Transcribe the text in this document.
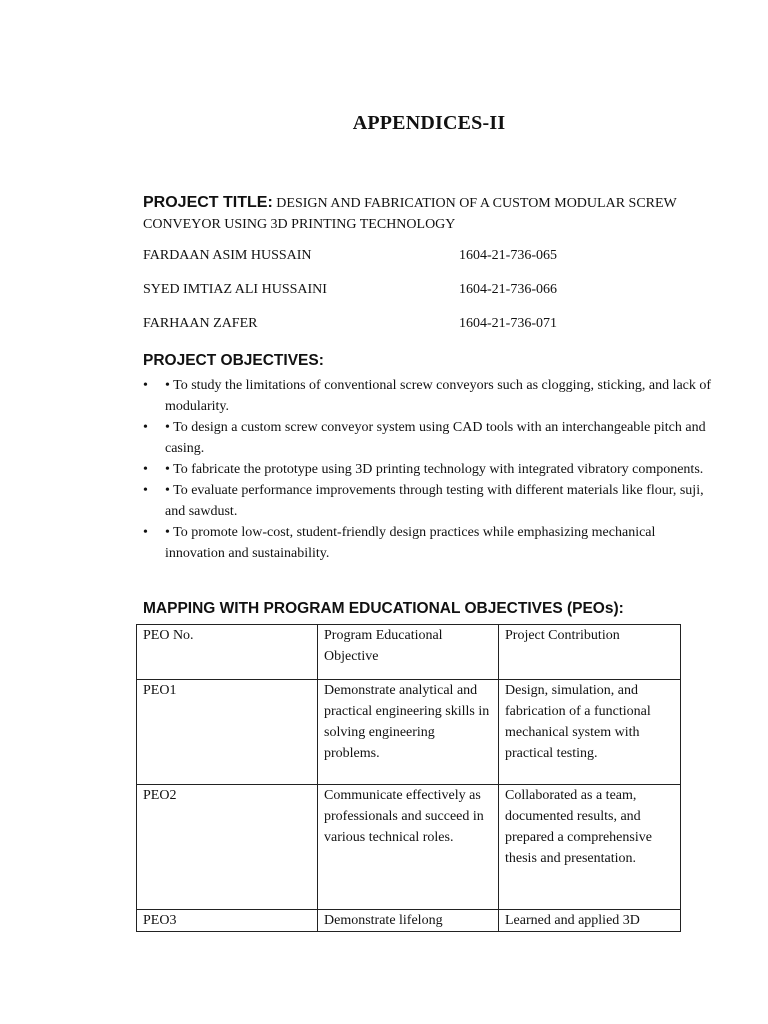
APPENDICES-II
PROJECT TITLE: DESIGN AND FABRICATION OF A CUSTOM MODULAR SCREW CONVEYOR USING 3D PRINTING TECHNOLOGY
FARDAAN ASIM HUSSAIN	1604-21-736-065
SYED IMTIAZ ALI HUSSAINI	1604-21-736-066
FARHAAN ZAFER	1604-21-736-071
PROJECT OBJECTIVES:
• • To study the limitations of conventional screw conveyors such as clogging, sticking, and lack of modularity.
• • To design a custom screw conveyor system using CAD tools with an interchangeable pitch and casing.
• • To fabricate the prototype using 3D printing technology with integrated vibratory components.
• • To evaluate performance improvements through testing with different materials like flour, suji, and sawdust.
• • To promote low-cost, student-friendly design practices while emphasizing mechanical innovation and sustainability.
MAPPING WITH PROGRAM EDUCATIONAL OBJECTIVES (PEOs):
PEO No.	Program Educational Objective	Project Contribution
PEO1	Demonstrate analytical and practical engineering skills in solving engineering problems.	Design, simulation, and fabrication of a functional mechanical system with practical testing.
PEO2	Communicate effectively as professionals and succeed in various technical roles.	Collaborated as a team, documented results, and prepared a comprehensive thesis and presentation.
PEO3	Demonstrate lifelong	Learned and applied 3D
